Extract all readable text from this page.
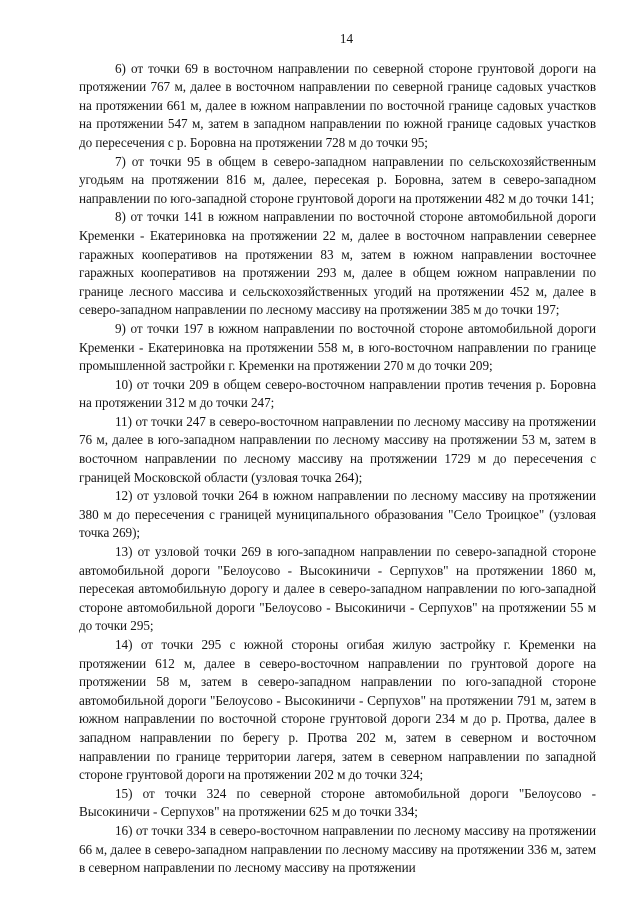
14

6) от точки 69 в восточном направлении по северной стороне грунтовой дороги на протяжении 767 м, далее в восточном направлении по северной границе садовых участков на протяжении 661 м, далее в южном направлении по восточной границе садовых участков на протяжении 547 м, затем в западном направлении по южной границе садовых участков до пересечения с р. Боровна на протяжении 728 м до точки 95;

7) от точки 95 в общем в северо-западном направлении по сельскохозяйственным угодьям на протяжении 816 м, далее, пересекая р. Боровна, затем в северо-западном направлении по юго-западной стороне грунтовой дороги на протяжении 482 м до точки 141;

8) от точки 141 в южном направлении по восточной стороне автомобильной дороги Кременки - Екатериновка на протяжении 22 м, далее в восточном направлении севернее гаражных кооперативов на протяжении 83 м, затем в южном направлении восточнее гаражных кооперативов на протяжении 293 м, далее в общем южном направлении по границе лесного массива и сельскохозяйственных угодий на протяжении 452 м, далее в северо-западном направлении по лесному массиву на протяжении 385 м до точки 197;

9) от точки 197 в южном направлении по восточной стороне автомобильной дороги Кременки - Екатериновка на протяжении 558 м, в юго-восточном направлении по границе промышленной застройки г. Кременки на протяжении 270 м до точки 209;

10) от точки 209 в общем северо-восточном направлении против течения р. Боровна на протяжении 312 м до точки 247;

11) от точки 247 в северо-восточном направлении по лесному массиву на протяжении 76 м, далее в юго-западном направлении по лесному массиву на протяжении 53 м, затем в восточном направлении по лесному массиву на протяжении 1729 м до пересечения с границей Московской области (узловая точка 264);

12) от узловой точки 264 в южном направлении по лесному массиву на протяжении 380 м до пересечения с границей муниципального образования "Село Троицкое" (узловая точка 269);

13) от узловой точки 269 в юго-западном направлении по северо-западной стороне автомобильной дороги "Белоусово - Высокиничи - Серпухов" на протяжении 1860 м, пересекая автомобильную дорогу и далее в северо-западном направлении по юго-западной стороне автомобильной дороги "Белоусово - Высокиничи - Серпухов" на протяжении 55 м до точки 295;

14) от точки 295 с южной стороны огибая жилую застройку г. Кременки на протяжении 612 м, далее в северо-восточном направлении по грунтовой дороге на протяжении 58 м, затем в северо-западном направлении по юго-западной стороне автомобильной дороги "Белоусово - Высокиничи - Серпухов" на протяжении 791 м, затем в южном направлении по восточной стороне грунтовой дороги 234 м до р. Протва, далее в западном направлении по берегу р. Протва 202 м, затем в северном и восточном направлении по границе территории лагеря, затем в северном направлении по западной стороне грунтовой дороги на протяжении 202 м до точки 324;

15) от точки 324 по северной стороне автомобильной дороги "Белоусово - Высокиничи - Серпухов" на протяжении 625 м до точки 334;

16) от точки 334 в северо-восточном направлении по лесному массиву на протяжении 66 м, далее в северо-западном направлении по лесному массиву на протяжении 336 м, затем в северном направлении по лесному массиву на протяжении
